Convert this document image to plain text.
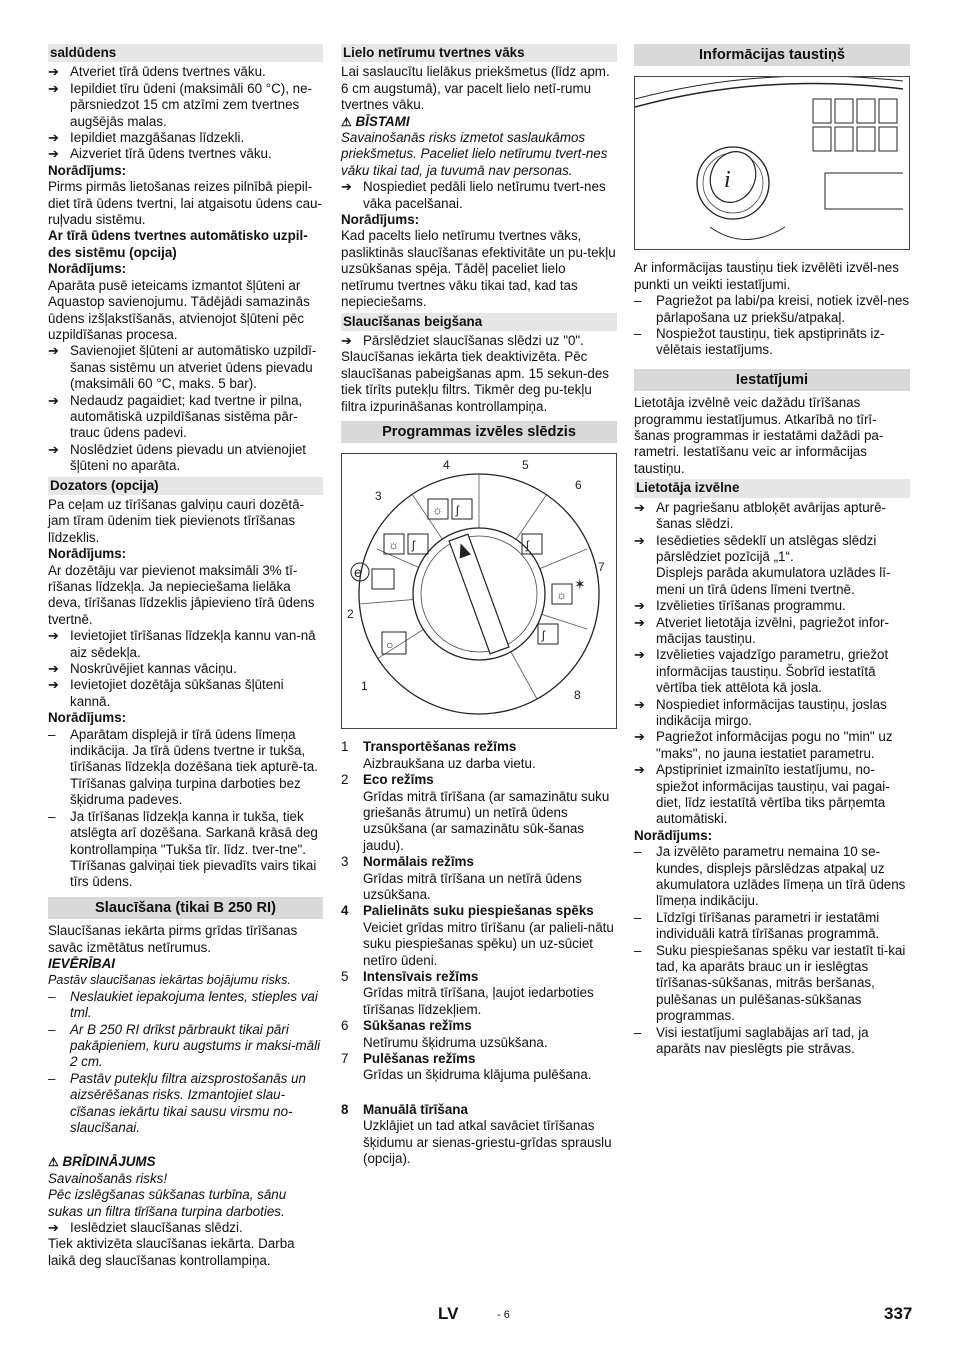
saldūdens
➔ Atveriet tīrā ūdens tvertnes vāku.
➔ Iepildiet tīru ūdeni (maksimāli 60 °C), ne-pārsniedzot 15 cm atzīmi zem tvertnes augšējās malas.
➔ Iepildiet mazgāšanas līdzekli.
➔ Aizveriet tīrā ūdens tvertnes vāku.

Norādījums:

Pirms pirmās lietošanas reizes pilnībā piepil-diet tīrā ūdens tvertni, lai atgaisotu ūdens cau-ruļvadu sistēmu.

Ar tīrā ūdens tvertnes automātisko uzpil-des sistēmu (opcija)

Norādījums:

Aparāta pusē ieteicams izmantot šļūteni ar Aquastop savienojumu. Tādējādi samazinās ūdens izšļakstīšanās, atvienojot šļūteni pēc uzpildīšanas procesa.

➔ Savienojiet šļūteni ar automātisko uzpildī-šanas sistēmu un atveriet ūdens pievadu (maksimāli 60 °C, maks. 5 bar).
➔ Nedaudz pagaidiet; kad tvertne ir pilna, automātiskā uzpildīšanas sistēma pār-trauc ūdens padevi.
➔ Noslēdziet ūdens pievadu un atvienojiet šļūteni no aparāta.
Dozators (opcija)

Pa ceļam uz tīrīšanas galviņu cauri dozētā-jam tīram ūdenim tiek pievienots tīrīšanas līdzeklis.

Norādījums:

Ar dozētāju var pievienot maksimāli 3% tī-rīšanas līdzekļa. Ja nepieciešama lielāka deva, tīrīšanas līdzeklis jāpievieno tīrā ūdens tvertnē.

➔ Ievietojiet tīrīšanas līdzekļa kannu van-nā aiz sēdekļa.
➔ Noskrūvējiet kannas vāciņu.
➔ Ievietojiet dozētāja sūkšanas šļūteni kannā.

Norādījums:

–	Aparātam displejā ir tīrā ūdens līmeņa indikācija. Ja tīrā ūdens tvertne ir tukša, tīrīšanas līdzekļa dozēšana tiek apturē-ta. Tīrīšanas galviņa turpina darboties bez šķidruma padeves.
–	Ja tīrīšanas līdzekļa kanna ir tukša, tiek atslēgta arī dozēšana. Sarkanā krāsā deg kontrollampiņa "Tukša tīr. līdz. tver-tne". Tīrīšanas galviņai tiek pievadīts vairs tikai tīrs ūdens.
Slaucīšana (tikai B 250 RI)

Slaucīšanas iekārta pirms grīdas tīrīšanas savāc izmētātus netīrumus.

IEVĒRĪBAI

Pastāv slaucīšanas iekārtas bojājumu risks.

–	Neslaukiet iepakojuma lentes, stieples vai tml.
–	Ar B 250 RI drīkst pārbraukt tikai pāri pakāpieniem, kuru augstums ir maksi-māli 2 cm.
–	Pastāv putekļu filtra aizsprostošanās un aizsērēšanas risks. Izmantojiet slau-cīšanas iekārtu tikai sausu virsmu no-slaucīšanai.

⚠ BRĪDINĀJUMS

Savainošanās risks!

Pēc izslēgšanas sūkšanas turbīna, sānu sukas un filtra tīrīšana turpina darboties.

➔ Ieslēdziet slaucīšanas slēdzi.

Tiek aktivizēta slaucīšanas iekārta. Darba laikā deg slaucīšanas kontrollampiņa.

Lielo netīrumu tvertnes vāks

Lai saslaucītu lielākus priekšmetus (līdz apm. 6 cm augstumā), var pacelt lielo netī-rumu tvertnes vāku.

⚠ BĪSTAMI

Savainošanās risks izmetot saslaukāmos priekšmetus. Paceliet lielo netīrumu tvert-nes vāku tikai tad, ja tuvumā nav personas.

➔ Nospiediet pedāli lielo netīrumu tvert-nes vāka pacelšanai.

Norādījums:

Kad pacelts lielo netīrumu tvertnes vāks, pasliktinās slaucīšanas efektivitāte un pu-tekļu uzsūkšanas spēja. Tādēļ paceliet lielo netīrumu tvertnes vāku tikai tad, kad tas nepieciešams.

Slaucīšanas beigšana
➔ Pārslēdziet slaucīšanas slēdzi uz "0".

Slaucīšanas iekārta tiek deaktivizēta. Pēc slaucīšanas pabeigšanas apm. 15 sekun-des tiek tīrīts putekļu filtrs. Tikmēr deg pu-tekļu filtra izpurināšanas kontrollampiņa.

Programmas izvēles slēdzis
☼ ʃ
☼ ʃ	ʃ
☼
ʃ
○
✶
e
1
2
3
4	5
6
7
8
1	Transportēšanas režīms
Aizbraukšana uz darba vietu.
2	Eco režīms
Grīdas mitrā tīrīšana (ar samazinātu suku griešanās ātrumu) un netīrā ūdens uzsūkšana (ar samazinātu sūk-šanas jaudu).
3	Normālais režīms
Grīdas mitrā tīrīšana un netīrā ūdens uzsūkšana.
4	Palielināts suku piespiešanas spēks
Veiciet grīdas mitro tīrīšanu (ar palieli-nātu suku piespiešanas spēku) un uz-sūciet netīro ūdeni.
5	Intensīvais režīms
Grīdas mitrā tīrīšana, ļaujot iedarboties tīrīšanas līdzekļiem.
6	Sūkšanas režīms
Netīrumu šķidruma uzsūkšana.
7	Pulēšanas režīms
Grīdas un šķidruma klājuma pulēšana.
8	Manuālā tīrīšana
Uzklājiet un tad atkal savāciet tīrīšanas šķidumu ar sienas-griestu-grīdas sprauslu (opcija).
Informācijas taustiņš
i

Ar informācijas taustiņu tiek izvēlēti izvēl-nes punkti un veikti iestatījumi.

–	Pagriežot pa labi/pa kreisi, notiek izvēl-nes pārlapošana uz priekšu/atpakaļ.
–	Nospiežot taustiņu, tiek apstiprināts iz-vēlētais iestatījums.
Iestatījumi

Lietotāja izvēlnē veic dažādu tīrīšanas programmu iestatījumus. Atkarībā no tīrī-šanas programmas ir iestatāmi dažādi pa-rametri. Iestatīšanu veic ar informācijas taustiņu.

Lietotāja izvēlne
➔ Ar pagriešanu atbloķēt avārijas apturē-šanas slēdzi.
➔ Iesēdieties sēdeklī un atslēgas slēdzi pārslēdziet pozīcijā „1“.
Displejs parāda akumulatora uzlādes lī-meni un tīrā ūdens līmeni tvertnē.
➔ Izvēlieties tīrīšanas programmu.
➔ Atveriet lietotāja izvēlni, pagriežot infor-mācijas taustiņu.
➔ Izvēlieties vajadzīgo parametru, griežot informācijas taustiņu. Šobrīd iestatītā vērtība tiek attēlota kā josla.
➔ Nospiediet informācijas taustiņu, joslas indikācija mirgo.
➔ Pagriežot informācijas pogu no "min" uz "maks", no jauna iestatiet parametru.
➔ Apstipriniet izmainīto iestatījumu, no-spiežot informācijas taustiņu, vai pagai-diet, līdz iestatītā vērtība tiks pārņemta automātiski.

Norādījums:

–	Ja izvēlēto parametru nemaina 10 se-kundes, displejs pārslēdzas atpakaļ uz akumulatora uzlādes līmeņa un tīrā ūdens līmeņa indikāciju.
–	Līdzīgi tīrīšanas parametri ir iestatāmi individuāli katrā tīrīšanas programmā.
–	Suku piespiešanas spēku var iestatīt ti-kai tad, ka aparāts brauc un ir ieslēgtas tīrīšanas-sūkšanas, mitrās beršanas, pulēšanas un pulēšanas-sūkšanas programmas.
–	Visi iestatījumi saglabājas arī tad, ja aparāts nav pieslēgts pie strāvas.
LV	- 6	337
